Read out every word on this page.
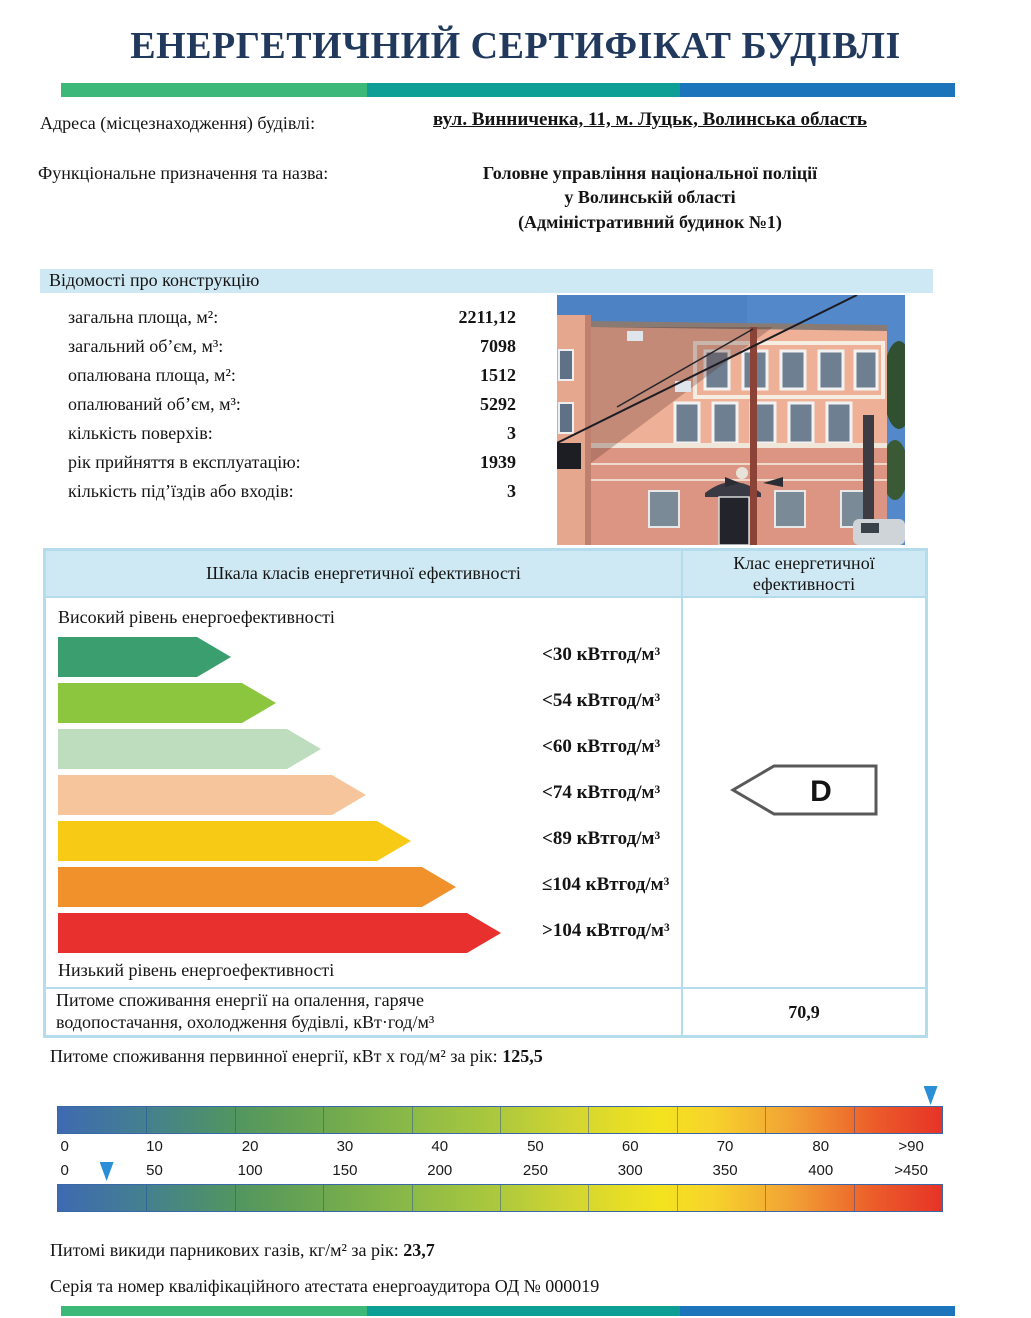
ЕНЕРГЕТИЧНИЙ СЕРТИФІКАТ БУДІВЛІ
Адреса (місцезнаходження) будівлі:	вул. Винниченка, 11, м. Луцьк, Волинська область
Функціональне призначення та назва:	Головне управління національної поліції
у Волинській області
(Адміністративний будинок №1)
Відомості про конструкцію
загальна площа, м²:	2211,12
загальний об’єм, м³:	7098
опалювана площа, м²:	1512
опалюваний об’єм, м³:	5292
кількість поверхів:	3
рік прийняття в експлуатацію:	1939
кількість під’їздів або входів:	3
Шкала класів енергетичної ефективності	Клас енергетичної ефективності
Високий рівень енергоефективності
A
<30 кВтгод/м³
B
<54 кВтгод/м³
C
<60 кВтгод/м³
D
<74 кВтгод/м³
E
<89 кВтгод/м³
F
≤104 кВтгод/м³
G
>104 кВтгод/м³
Низький рівень енергоефективності
D
Питоме споживання енергії на опалення, гаряче водопостачання, охолодження будівлі, кВт·год/м³
70,9
Питоме споживання первинної енергії, кВт х год/м² за рік: 125,5
0	10	20	30	40	50	60	70	80	>90
0	50	100	150	200	250	300	350	400	>450
Питомі викиди парникових газів, кг/м² за рік: 23,7
Серія та номер кваліфікаційного атестата енергоаудитора ОД № 000019
